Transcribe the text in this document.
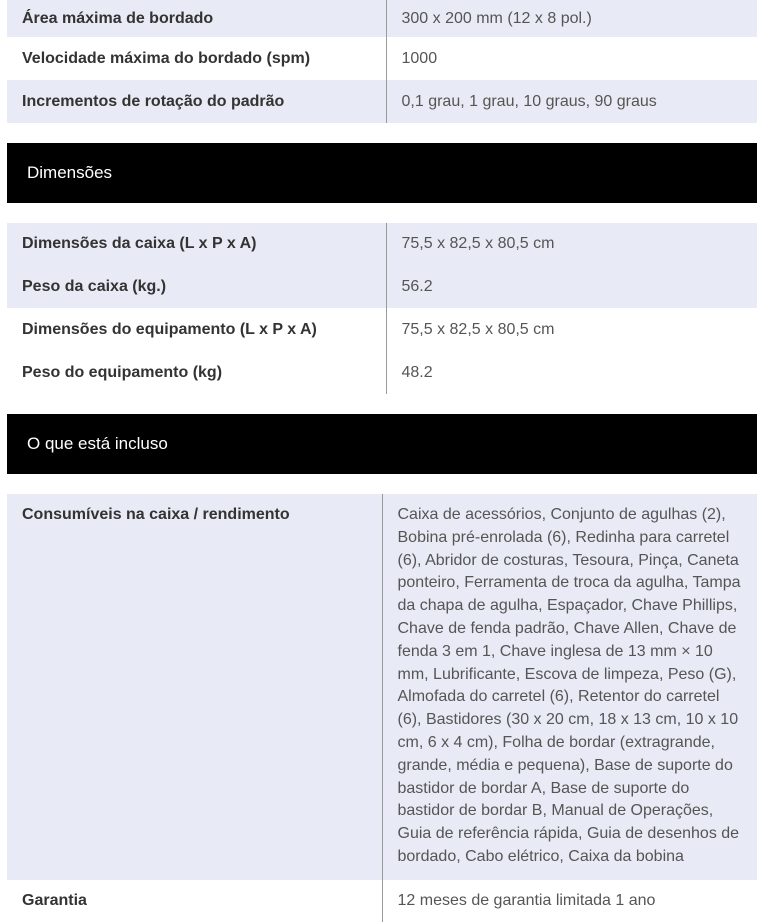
Área máxima de bordado	300 x 200 mm (12 x 8 pol.)
Velocidade máxima do bordado (spm)	1000
Incrementos de rotação do padrão	0,1 grau, 1 grau, 10 graus, 90 graus
Dimensões
Dimensões da caixa (L x P x A)	75,5 x 82,5 x 80,5 cm
Peso da caixa (kg.)	56.2
Dimensões do equipamento (L x P x A)	75,5 x 82,5 x 80,5 cm
Peso do equipamento (kg)	48.2
O que está incluso
Consumíveis na caixa / rendimento	Caixa de acessórios, Conjunto de agulhas (2), Bobina pré-enrolada (6), Redinha para carretel (6), Abridor de costuras, Tesoura, Pinça, Caneta ponteiro, Ferramenta de troca da agulha, Tampa da chapa de agulha, Espaçador, Chave Phillips, Chave de fenda padrão, Chave Allen, Chave de fenda 3 em 1, Chave inglesa de 13 mm × 10 mm, Lubrificante, Escova de limpeza, Peso (G), Almofada do carretel (6), Retentor do carretel (6), Bastidores (30 x 20 cm, 18 x 13 cm, 10 x 10 cm, 6 x 4 cm), Folha de bordar (extragrande, grande, média e pequena), Base de suporte do bastidor de bordar A, Base de suporte do bastidor de bordar B, Manual de Operações, Guia de referência rápida, Guia de desenhos de bordado, Cabo elétrico, Caixa da bobina
Garantia	12 meses de garantia limitada 1 ano
